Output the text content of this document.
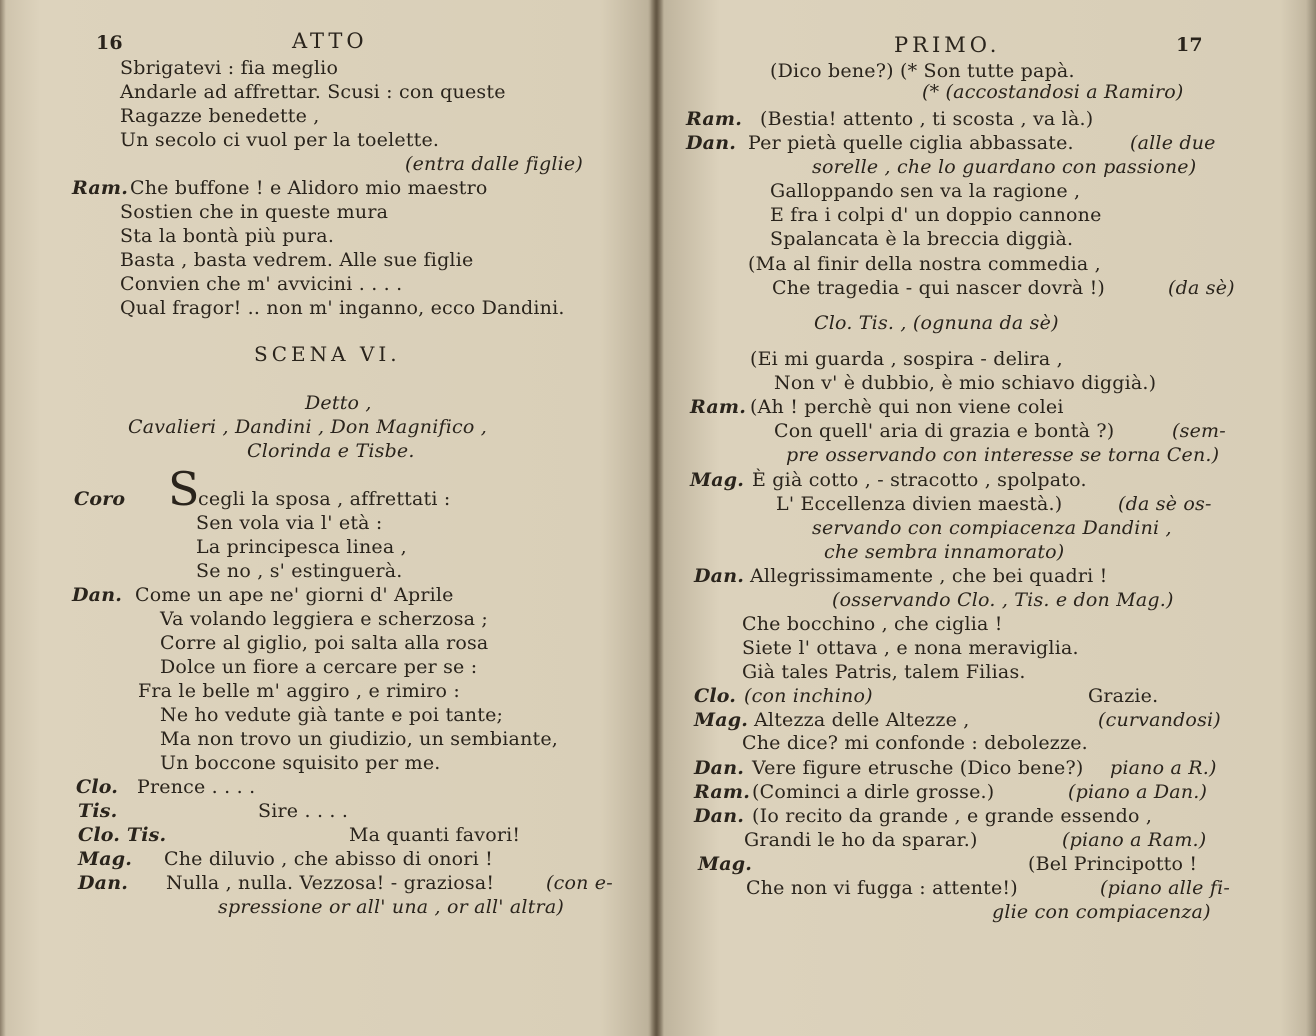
16	ATTO
Sbrigatevi : fia meglio
Andarle ad affrettar. Scusi : con queste
Ragazze benedette ,
Un secolo ci vuol per la toelette.
(entra dalle figlie)
Ram. Che buffone ! e Alidoro mio maestro
Sostien che in queste mura
Sta la bontà più pura.
Basta , basta vedrem. Alle sue figlie
Convien che m' avvicini . . . .
Qual fragor! .. non m' inganno, ecco Dandini.
SCENA VI.
Detto ,
Cavalieri , Dandini , Don Magnifico ,
Clorinda e Tisbe.
Coro S
cegli la sposa , affrettati :
Sen vola via l' età :
La principesca linea ,
Se no , s' estinguerà.
Dan. Come un ape ne' giorni d' Aprile
Va volando leggiera e scherzosa ;
Corre al giglio, poi salta alla rosa
Dolce un fiore a cercare per se :
Fra le belle m' aggiro , e rimiro :
Ne ho vedute già tante e poi tante;
Ma non trovo un giudizio, un sembiante,
Un boccone squisito per me.
Clo. Prence . . . .
Tis.	Sire . . . .
Clo. Tis.	Ma quanti favori!
Mag. Che diluvio , che abisso di onori !
Dan. Nulla , nulla. Vezzosa! - graziosa!	(con e-
spressione or all' una , or all' altra)
PRIMO.	17
(Dico bene?) (* Son tutte papà.
(* (accostandosi a Ramiro)
Ram. (Bestia! attento , ti scosta , va là.)
Dan. Per pietà quelle ciglia abbassate.	(alle due
sorelle , che lo guardano con passione)
Galloppando sen va la ragione ,
E fra i colpi d' un doppio cannone
Spalancata è la breccia diggià.
(Ma al finir della nostra commedia ,
Che tragedia - qui nascer dovrà !)	(da sè)
Clo. Tis. , (ognuna da sè)
(Ei mi guarda , sospira - delira ,
Non v' è dubbio, è mio schiavo diggià.)
Ram. (Ah ! perchè qui non viene colei
Con quell' aria di grazia e bontà ?)	(sem-
pre osservando con interesse se torna Cen.)
Mag. È già cotto , - stracotto , spolpato.
L' Eccellenza divien maestà.)	(da sè os-
servando con compiacenza Dandini ,
che sembra innamorato)
Dan. Allegrissimamente , che bei quadri !
(osservando Clo. , Tis. e don Mag.)
Che bocchino , che ciglia !
Siete l' ottava , e nona meraviglia.
Già tales Patris, talem Filias.
Clo. (con inchino)	Grazie.
Mag. Altezza delle Altezze ,	(curvandosi)
Che dice? mi confonde : debolezze.
Dan. Vere figure etrusche (Dico bene?) piano a R.)
Ram. (Cominci a dirle grosse.)	(piano a Dan.)
Dan. (Io recito da grande , e grande essendo ,
Grandi le ho da sparar.)	(piano a Ram.)
Mag.	(Bel Principotto !
Che non vi fugga : attente!)	(piano alle fi-
glie con compiacenza)
